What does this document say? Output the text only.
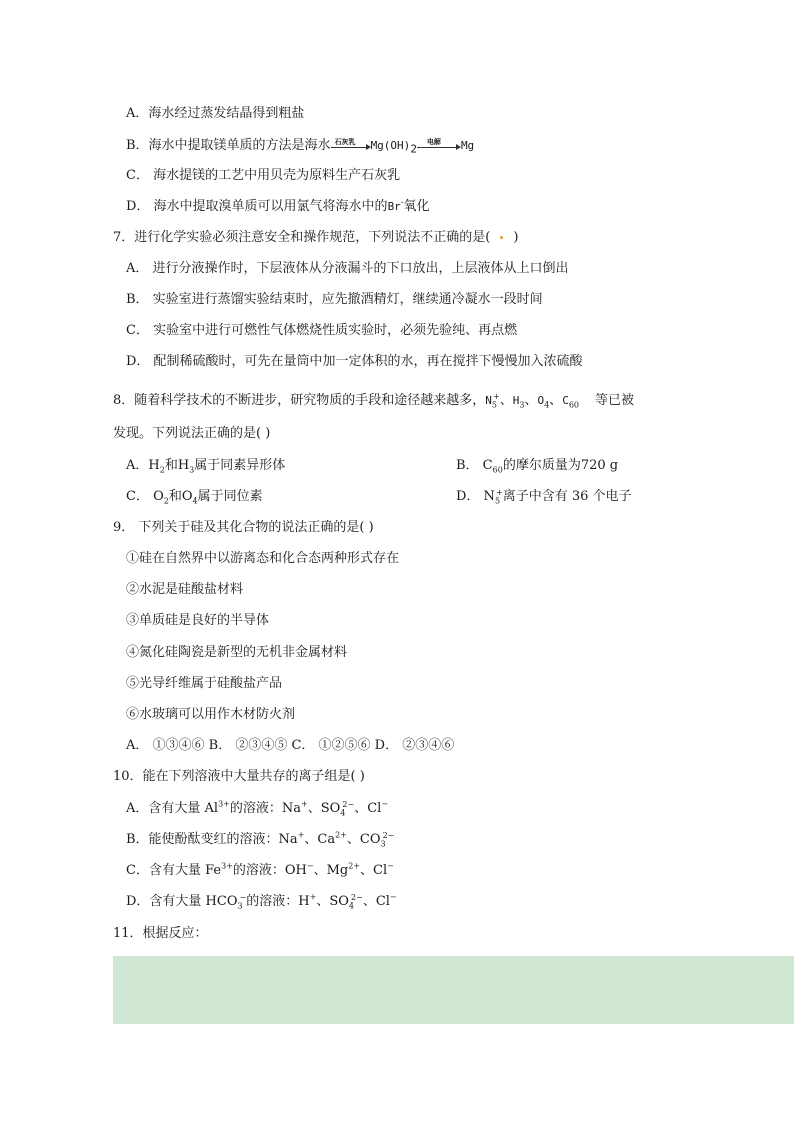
A．海水经过蒸发结晶得到粗盐
B．海水中提取镁单质的方法是海水 石灰乳 $Mg(OH)_2$
电解 Mg
C． 海水提镁的工艺中用贝壳为原料生产石灰乳
D． 海水中提取溴单质可以用氯气将海水中的Br-氧化
7．进行化学实验必须注意安全和操作规范，下列说法不正确的是( )
A． 进行分液操作时，下层液体从分液漏斗的下口放出，上层液体从上口倒出
B． 实验室进行蒸馏实验结束时，应先撤酒精灯，继续通冷凝水一段时间
C． 实验室中进行可燃性气体燃烧性质实验时，必须先验纯、再点燃
D． 配制稀硫酸时，可先在量筒中加一定体积的水，再在搅拌下慢慢加入浓硫酸
8．随着科学技术的不断进步，研究物质的手段和途径越来越多，$N_5^+$、$H_3$、$O_4$、$C_{60}$ 等已被
发现。下列说法正确的是( )
A．$H_2$和$H_3$属于同素异形体	B． $C_{60}$的摩尔质量为720 g
C． $O_2$和$O_4$属于同位素	D． $N_5^+$离子中含有 36 个电子
9． 下列关于硅及其化合物的说法正确的是( )
①硅在自然界中以游离态和化合态两种形式存在
②水泥是硅酸盐材料
③单质硅是良好的半导体
④氮化硅陶瓷是新型的无机非金属材料
⑤光导纤维属于硅酸盐产品
⑥水玻璃可以用作木材防火剂
A． ①③④⑥ B． ②③④⑤ C． ①②⑤⑥ D． ②③④⑥
10．能在下列溶液中大量共存的离子组是( )
A．含有大量 $Al^{3+}$的溶液：Na+、$SO_4^{2-}$、Cl−
B．能使酚酞变红的溶液：Na+、$Ca^{2+}$、$CO_3^{2-}$
C．含有大量 $Fe^{3+}$的溶液：OH−、$Mg^{2+}$、Cl−
D．含有大量 $HCO_3^-$的溶液：H+、$SO_4^{2-}$、Cl−
11．根据反应：
